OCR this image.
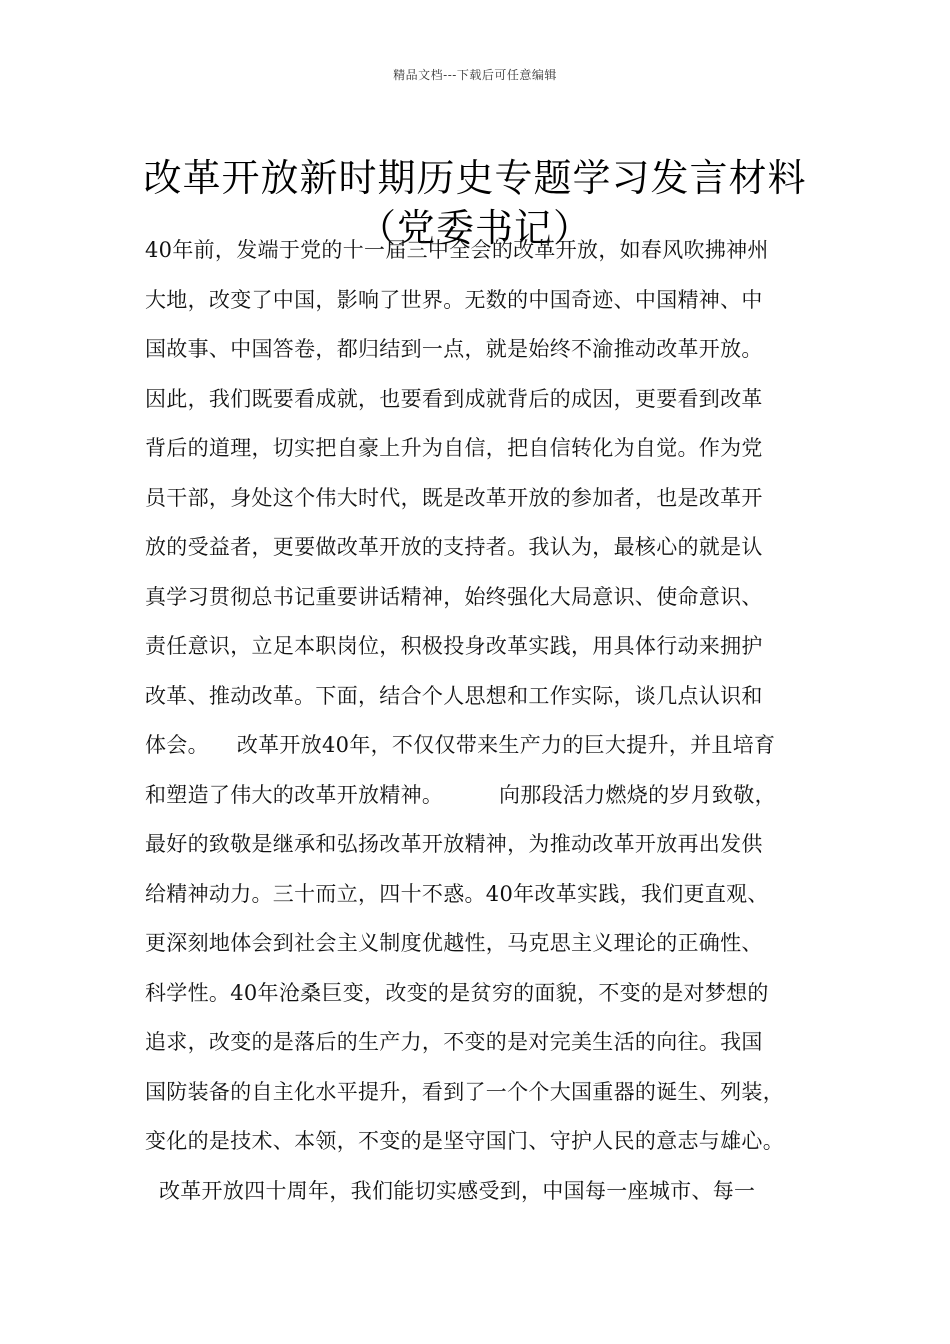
精品文档---下载后可任意编辑
改革开放新时期历史专题学习发言材料
（党委书记）
40年前，发端于党的十一届三中全会的改革开放，如春风吹拂神州
大地，改变了中国，影响了世界。无数的中国奇迹、中国精神、中
国故事、中国答卷，都归结到一点，就是始终不渝推动改革开放。
因此，我们既要看成就，也要看到成就背后的成因，更要看到改革
背后的道理，切实把自豪上升为自信，把自信转化为自觉。作为党
员干部，身处这个伟大时代，既是改革开放的参加者，也是改革开
放的受益者，更要做改革开放的支持者。我认为，最核心的就是认
真学习贯彻总书记重要讲话精神，始终强化大局意识、使命意识、
责任意识，立足本职岗位，积极投身改革实践，用具体行动来拥护
改革、推动改革。下面，结合个人思想和工作实际，谈几点认识和
体会。    改革开放40年，不仅仅带来生产力的巨大提升，并且培育
和塑造了伟大的改革开放精神。        向那段活力燃烧的岁月致敬，
最好的致敬是继承和弘扬改革开放精神，为推动改革开放再出发供
给精神动力。三十而立，四十不惑。40年改革实践，我们更直观、
更深刻地体会到社会主义制度优越性，马克思主义理论的正确性、
科学性。40年沧桑巨变，改变的是贫穷的面貌，不变的是对梦想的
追求，改变的是落后的生产力，不变的是对完美生活的向往。我国
国防装备的自主化水平提升，看到了一个个大国重器的诞生、列装，
变化的是技术、本领，不变的是坚守国门、守护人民的意志与雄心。
改革开放四十周年，我们能切实感受到，中国每一座城市、每一
